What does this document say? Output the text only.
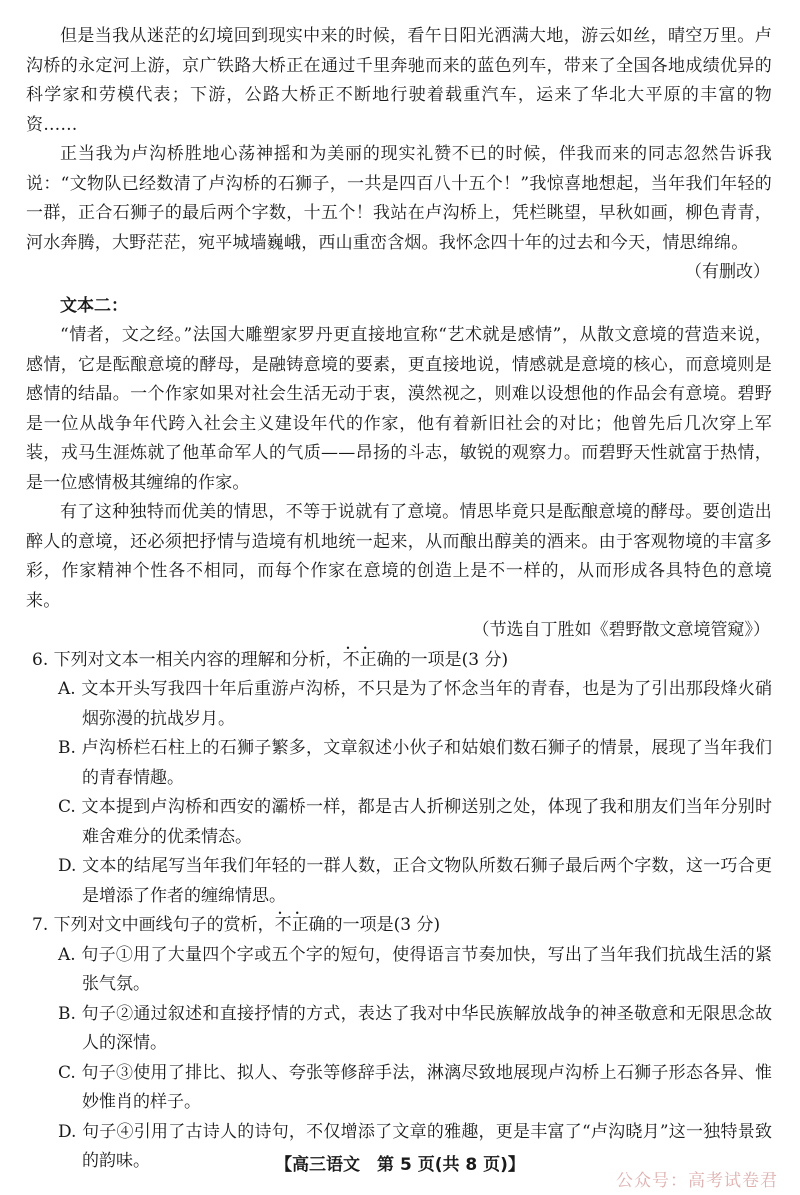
但是当我从迷茫的幻境回到现实中来的时候，看午日阳光洒满大地，游云如丝，晴空万里。卢沟桥的永定河上游，京广铁路大桥正在通过千里奔驰而来的蓝色列车，带来了全国各地成绩优异的科学家和劳模代表；下游，公路大桥正不断地行驶着载重汽车，运来了华北大平原的丰富的物资……

正当我为卢沟桥胜地心荡神摇和为美丽的现实礼赞不已的时候，伴我而来的同志忽然告诉我说：“文物队已经数清了卢沟桥的石狮子，一共是四百八十五个！”我惊喜地想起，当年我们年轻的一群，正合石狮子的最后两个字数，十五个！我站在卢沟桥上，凭栏眺望，早秋如画，柳色青青，河水奔腾，大野茫茫，宛平城墙巍峨，西山重峦含烟。我怀念四十年的过去和今天，情思绵绵。

（有删改）

文本二：

“情者，文之经。”法国大雕塑家罗丹更直接地宣称“艺术就是感情”，从散文意境的营造来说，感情，它是酝酿意境的酵母，是融铸意境的要素，更直接地说，情感就是意境的核心，而意境则是感情的结晶。一个作家如果对社会生活无动于衷，漠然视之，则难以设想他的作品会有意境。碧野是一位从战争年代跨入社会主义建设年代的作家，他有着新旧社会的对比；他曾先后几次穿上军装，戎马生涯炼就了他革命军人的气质——昂扬的斗志，敏锐的观察力。而碧野天性就富于热情，是一位感情极其缠绵的作家。

有了这种独特而优美的情思，不等于说就有了意境。情思毕竟只是酝酿意境的酵母。要创造出醉人的意境，还必须把抒情与造境有机地统一起来，从而酿出醇美的酒来。由于客观物境的丰富多彩，作家精神个性各不相同，而每个作家在意境的创造上是不一样的，从而形成各具特色的意境来。

（节选自丁胜如《碧野散文意境管窥》）

6. 下列对文本一相关内容的理解和分析，不正确 • •的一项是(3 分)

A. 文本开头写我四十年后重游卢沟桥，不只是为了怀念当年的青春，也是为了引出那段烽火硝烟弥漫的抗战岁月。

B. 卢沟桥栏石柱上的石狮子繁多，文章叙述小伙子和姑娘们数石狮子的情景，展现了当年我们的青春情趣。

C. 文本提到卢沟桥和西安的灞桥一样，都是古人折柳送别之处，体现了我和朋友们当年分别时难舍难分的优柔情态。

D. 文本的结尾写当年我们年轻的一群人数，正合文物队所数石狮子最后两个字数，这一巧合更是增添了作者的缠绵情思。

7. 下列对文中画线句子的赏析，不正确 • •的一项是(3 分)

A. 句子①用了大量四个字或五个字的短句，使得语言节奏加快，写出了当年我们抗战生活的紧张气氛。

B. 句子②通过叙述和直接抒情的方式，表达了我对中华民族解放战争的神圣敬意和无限思念故人的深情。

C. 句子③使用了排比、拟人、夸张等修辞手法，淋漓尽致地展现卢沟桥上石狮子形态各异、惟妙惟肖的样子。

D. 句子④引用了古诗人的诗句，不仅增添了文章的雅趣，更是丰富了“卢沟晓月”这一独特景致的韵味。	【高三语文　第 5 页(共 8 页)】
公众号：高考试卷君
